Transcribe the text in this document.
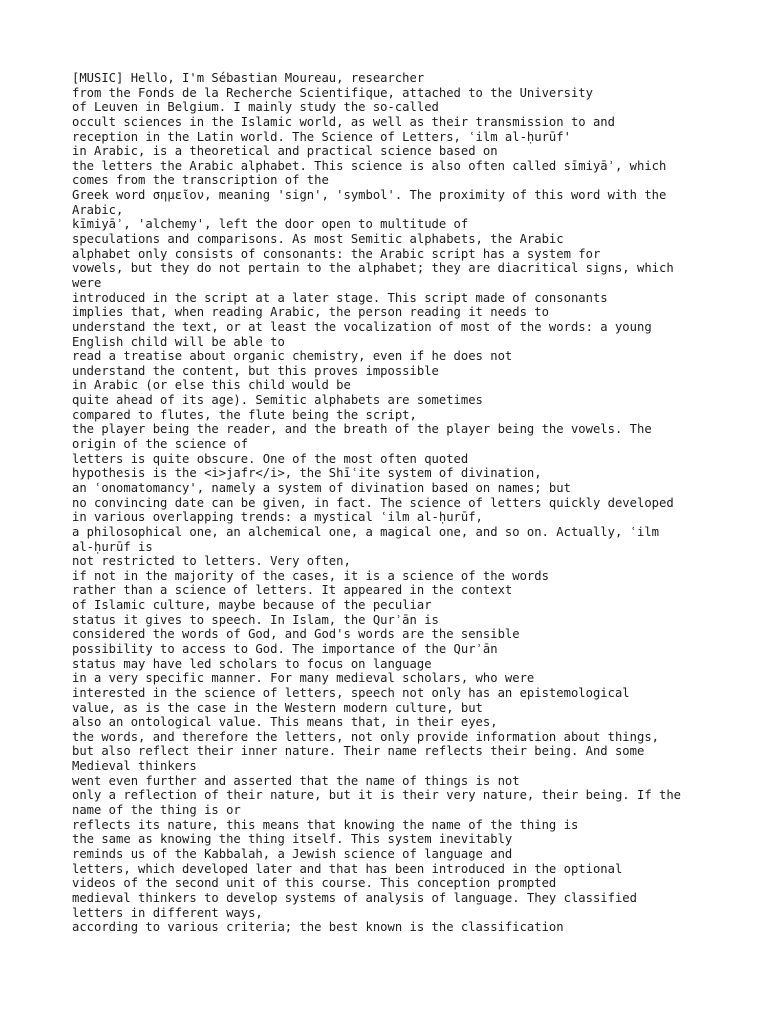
[MUSIC] Hello, I'm Sébastian Moureau, researcher
from the Fonds de la Recherche Scientifique, attached to the University
of Leuven in Belgium. I mainly study the so-called
occult sciences in the Islamic world, as well as their transmission to and
reception in the Latin world. The Science of Letters, ʿilm al-ḥurūf'
in Arabic, is a theoretical and practical science based on
the letters the Arabic alphabet. This science is also often called sīmiyāʾ, which
comes from the transcription of the
Greek word σημεῖον, meaning 'sign', 'symbol'. The proximity of this word with the
Arabic,
kīmiyāʾ, 'alchemy', left the door open to multitude of
speculations and comparisons. As most Semitic alphabets, the Arabic
alphabet only consists of consonants: the Arabic script has a system for
vowels, but they do not pertain to the alphabet; they are diacritical signs, which
were
introduced in the script at a later stage. This script made of consonants
implies that, when reading Arabic, the person reading it needs to
understand the text, or at least the vocalization of most of the words: a young
English child will be able to
read a treatise about organic chemistry, even if he does not
understand the content, but this proves impossible
in Arabic (or else this child would be
quite ahead of its age). Semitic alphabets are sometimes
compared to flutes, the flute being the script,
the player being the reader, and the breath of the player being the vowels. The
origin of the science of
letters is quite obscure. One of the most often quoted
hypothesis is the <i>jafr</i>, the Shīʿite system of divination,
an ʿonomatomancy', namely a system of divination based on names; but
no convincing date can be given, in fact. The science of letters quickly developed
in various overlapping trends: a mystical ʿilm al-ḥurūf,
a philosophical one, an alchemical one, a magical one, and so on. Actually, ʿilm
al-ḥurūf is
not restricted to letters. Very often,
if not in the majority of the cases, it is a science of the words
rather than a science of letters. It appeared in the context
of Islamic culture, maybe because of the peculiar
status it gives to speech. In Islam, the Qurʾān is
considered the words of God, and God's words are the sensible
possibility to access to God. The importance of the Qurʾān
status may have led scholars to focus on language
in a very specific manner. For many medieval scholars, who were
interested in the science of letters, speech not only has an epistemological
value, as is the case in the Western modern culture, but
also an ontological value. This means that, in their eyes,
the words, and therefore the letters, not only provide information about things,
but also reflect their inner nature. Their name reflects their being. And some
Medieval thinkers
went even further and asserted that the name of things is not
only a reflection of their nature, but it is their very nature, their being. If the
name of the thing is or
reflects its nature, this means that knowing the name of the thing is
the same as knowing the thing itself. This system inevitably
reminds us of the Kabbalah, a Jewish science of language and
letters, which developed later and that has been introduced in the optional
videos of the second unit of this course. This conception prompted
medieval thinkers to develop systems of analysis of language. They classified
letters in different ways,
according to various criteria; the best known is the classification
